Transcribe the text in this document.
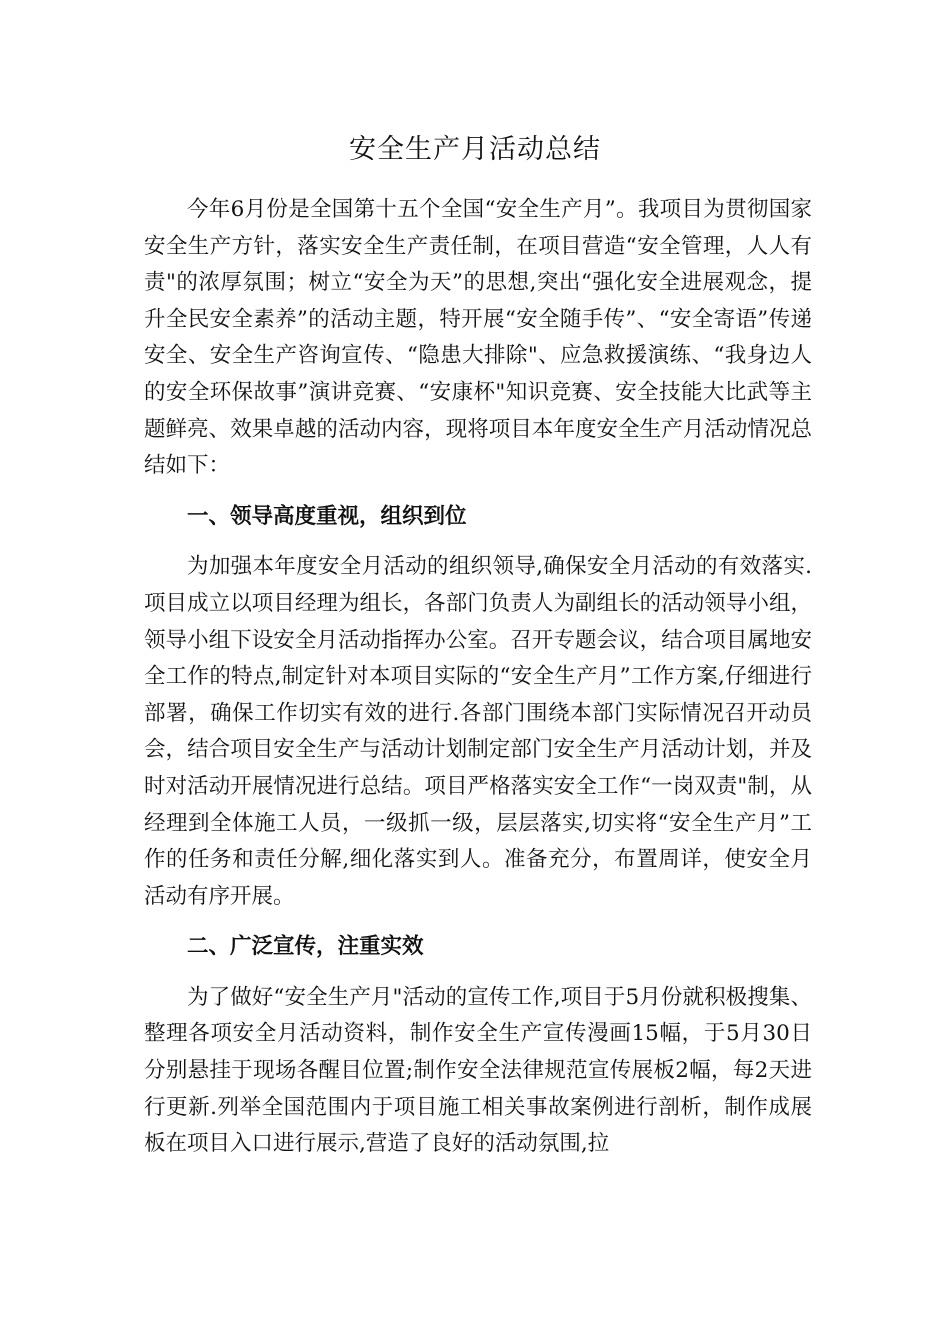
安全生产月活动总结

今年6月份是全国第十五个全国“安全生产月”。我项目为贯彻国家安全生产方针，落实安全生产责任制，在项目营造“安全管理，人人有责"的浓厚氛围；树立“安全为天”的思想,突出“强化安全进展观念，提升全民安全素养”的活动主题，特开展“安全随手传”、“安全寄语”传递安全、安全生产咨询宣传、“隐患大排除"、应急救援演练、“我身边人的安全环保故事”演讲竞赛、“安康杯"知识竞赛、安全技能大比武等主题鲜亮、效果卓越的活动内容，现将项目本年度安全生产月活动情况总结如下：

一、领导高度重视，组织到位

为加强本年度安全月活动的组织领导,确保安全月活动的有效落实.项目成立以项目经理为组长，各部门负责人为副组长的活动领导小组，领导小组下设安全月活动指挥办公室。召开专题会议，结合项目属地安全工作的特点,制定针对本项目实际的“安全生产月”工作方案,仔细进行部署，确保工作切实有效的进行.各部门围绕本部门实际情况召开动员会，结合项目安全生产与活动计划制定部门安全生产月活动计划，并及时对活动开展情况进行总结。项目严格落实安全工作“一岗双责"制，从经理到全体施工人员，一级抓一级，层层落实,切实将“安全生产月”工作的任务和责任分解,细化落实到人。准备充分，布置周详，使安全月活动有序开展。

二、广泛宣传，注重实效

为了做好“安全生产月"活动的宣传工作,项目于5月份就积极搜集、整理各项安全月活动资料，制作安全生产宣传漫画15幅，于5月30日分别悬挂于现场各醒目位置;制作安全法律规范宣传展板2幅，每2天进行更新.列举全国范围内于项目施工相关事故案例进行剖析，制作成展板在项目入口进行展示,营造了良好的活动氛围,拉
